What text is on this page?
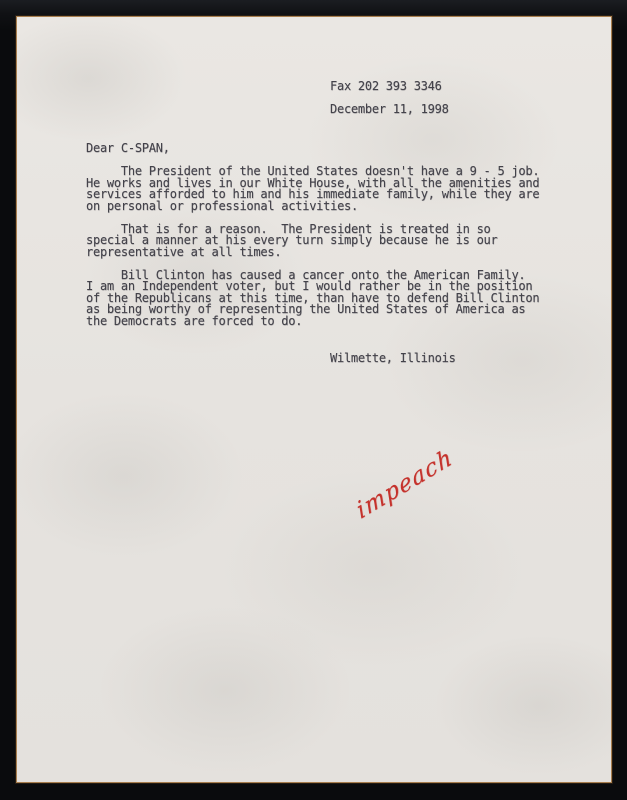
Fax 202 393 3346
December 11, 1998
Dear C-SPAN,
The President of the United States doesn't have a 9 - 5 job.
He works and lives in our White House, with all the amenities and
services afforded to him and his immediate family, while they are
on personal or professional activities.
That is for a reason.  The President is treated in so
special a manner at his every turn simply because he is our
representative at all times.
Bill Clinton has caused a cancer onto the American Family.
I am an Independent voter, but I would rather be in the position
of the Republicans at this time, than have to defend Bill Clinton
as being worthy of representing the United States of America as
the Democrats are forced to do.
Wilmette, Illinois
impeach
